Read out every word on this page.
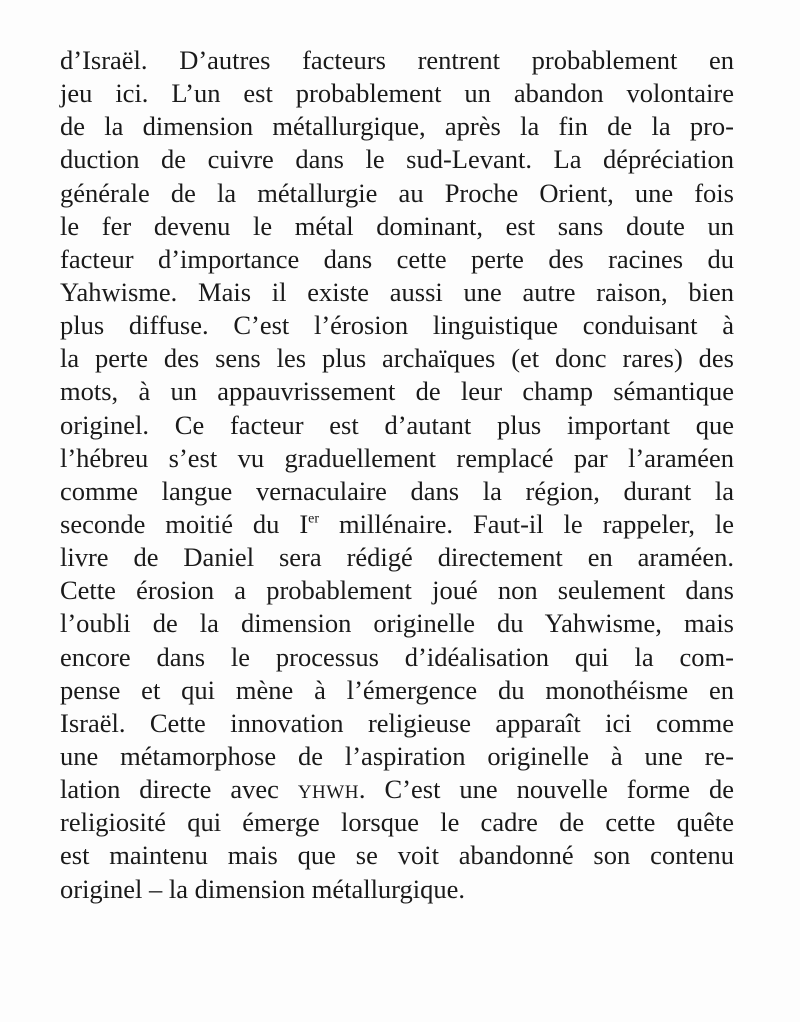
d’Israël. D’autres facteurs rentrent probablement en
jeu ici. L’un est probablement un abandon volontaire
de la dimension métallurgique, après la fin de la pro-
duction de cuivre dans le sud-Levant. La dépréciation
générale de la métallurgie au Proche Orient, une fois
le fer devenu le métal dominant, est sans doute un
facteur d’importance dans cette perte des racines du
Yahwisme. Mais il existe aussi une autre raison, bien
plus diffuse. C’est l’érosion linguistique conduisant à
la perte des sens les plus archaïques (et donc rares) des
mots, à un appauvrissement de leur champ sémantique
originel. Ce facteur est d’autant plus important que
l’hébreu s’est vu graduellement remplacé par l’araméen
comme langue vernaculaire dans la région, durant la
seconde moitié du Ier millénaire. Faut-il le rappeler, le
livre de Daniel sera rédigé directement en araméen.
Cette érosion a probablement joué non seulement dans
l’oubli de la dimension originelle du Yahwisme, mais
encore dans le processus d’idéalisation qui la com-
pense et qui mène à l’émergence du monothéisme en
Israël. Cette innovation religieuse apparaît ici comme
une métamorphose de l’aspiration originelle à une re-
lation directe avec YHWH. C’est une nouvelle forme de
religiosité qui émerge lorsque le cadre de cette quête
est maintenu mais que se voit abandonné son contenu
originel – la dimension métallurgique.
